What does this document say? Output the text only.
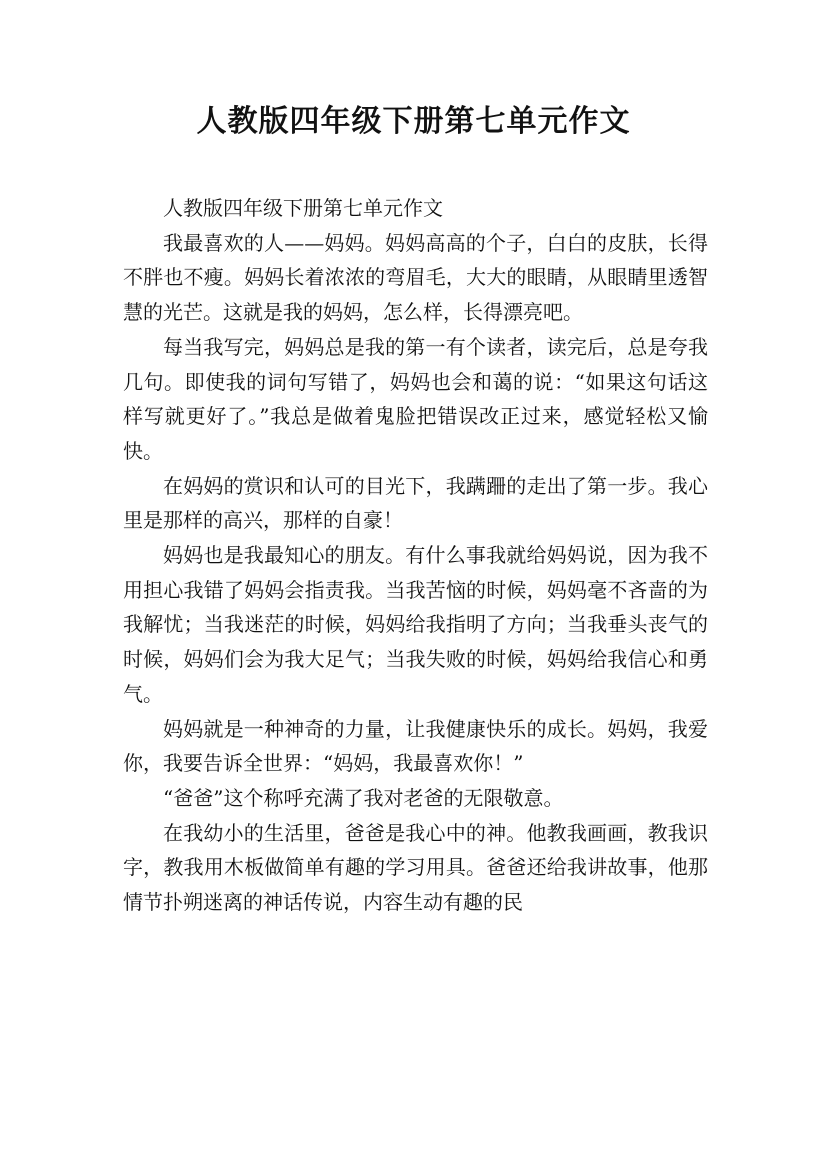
人教版四年级下册第七单元作文

人教版四年级下册第七单元作文

我最喜欢的人——妈妈。妈妈高高的个子，白白的皮肤，长得不胖也不瘦。妈妈长着浓浓的弯眉毛，大大的眼睛，从眼睛里透智慧的光芒。这就是我的妈妈，怎么样，长得漂亮吧。

每当我写完，妈妈总是我的第一有个读者，读完后，总是夸我几句。即使我的词句写错了，妈妈也会和蔼的说：“如果这句话这样写就更好了。”我总是做着鬼脸把错误改正过来，感觉轻松又愉快。

在妈妈的赏识和认可的目光下，我蹒跚的走出了第一步。我心里是那样的高兴，那样的自豪！

妈妈也是我最知心的朋友。有什么事我就给妈妈说，因为我不用担心我错了妈妈会指责我。当我苦恼的时候，妈妈毫不吝啬的为我解忧；当我迷茫的时候，妈妈给我指明了方向；当我垂头丧气的时候，妈妈们会为我大足气；当我失败的时候，妈妈给我信心和勇气。

妈妈就是一种神奇的力量，让我健康快乐的成长。妈妈，我爱你，我要告诉全世界：“妈妈，我最喜欢你！”

“爸爸”这个称呼充满了我对老爸的无限敬意。

在我幼小的生活里，爸爸是我心中的神。他教我画画，教我识字，教我用木板做简单有趣的学习用具。爸爸还给我讲故事，他那情节扑朔迷离的神话传说，内容生动有趣的民
